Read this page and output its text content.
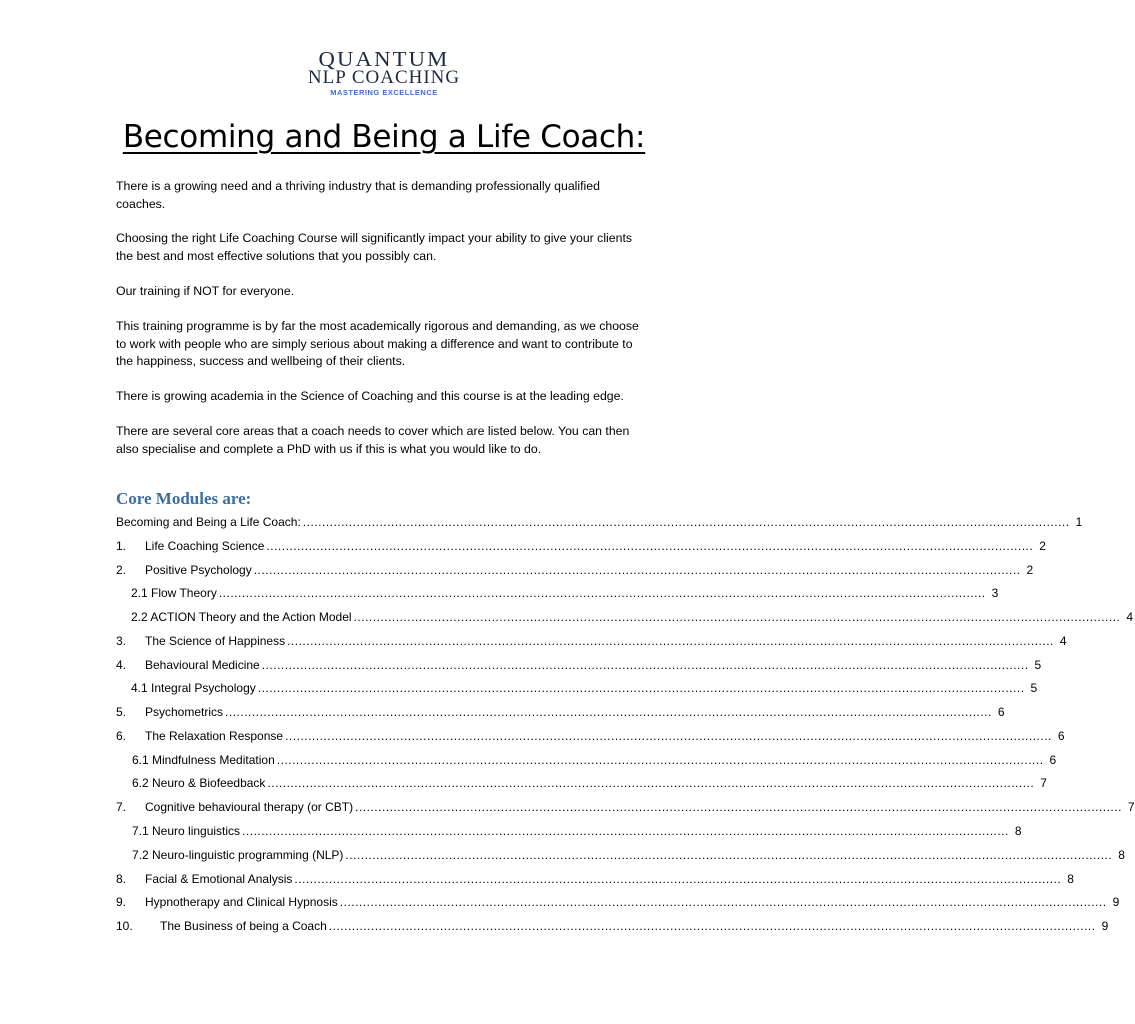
QUANTUM
NLP COACHING
MASTERING EXCELLENCE
Becoming and Being a Life Coach:

There is a growing need and a thriving industry that is demanding professionally qualified coaches.

Choosing the right Life Coaching Course will significantly impact your ability to give your clients the best and most effective solutions that you possibly can.

Our training if NOT for everyone.

This training programme is by far the most academically rigorous and demanding, as we choose to work with people who are simply serious about making a difference and want to contribute to the happiness, success and wellbeing of their clients.

There is growing academia in the Science of Coaching and this course is at the leading edge.

There are several core areas that a coach needs to cover which are listed below. You can then also specialise and complete a PhD with us if this is what you would like to do.

Core Modules are:
Becoming and Being a Life Coach: ........................................................................................................................................................................................................ 1
1.	Life Coaching Science ........................................................................................................................................................................................................ 2
2.	Positive Psychology ........................................................................................................................................................................................................ 2
2.1 Flow Theory ........................................................................................................................................................................................................ 3
2.2 ACTION Theory and the Action Model ........................................................................................................................................................................................................ 4
3.	The Science of Happiness ........................................................................................................................................................................................................ 4
4.	Behavioural Medicine ........................................................................................................................................................................................................ 5
4.1 Integral Psychology ........................................................................................................................................................................................................ 5
5.	Psychometrics ........................................................................................................................................................................................................ 6
6.	The Relaxation Response ........................................................................................................................................................................................................ 6
6.1 Mindfulness Meditation ........................................................................................................................................................................................................ 6
6.2 Neuro & Biofeedback ........................................................................................................................................................................................................ 7
7.	Cognitive behavioural therapy (or CBT) ........................................................................................................................................................................................................ 7
7.1 Neuro linguistics ........................................................................................................................................................................................................ 8
7.2 Neuro-linguistic programming (NLP) ........................................................................................................................................................................................................ 8
8.	Facial & Emotional Analysis ........................................................................................................................................................................................................ 8
9.	Hypnotherapy and Clinical Hypnosis ........................................................................................................................................................................................................ 9
10.	The Business of being a Coach ........................................................................................................................................................................................................ 9
